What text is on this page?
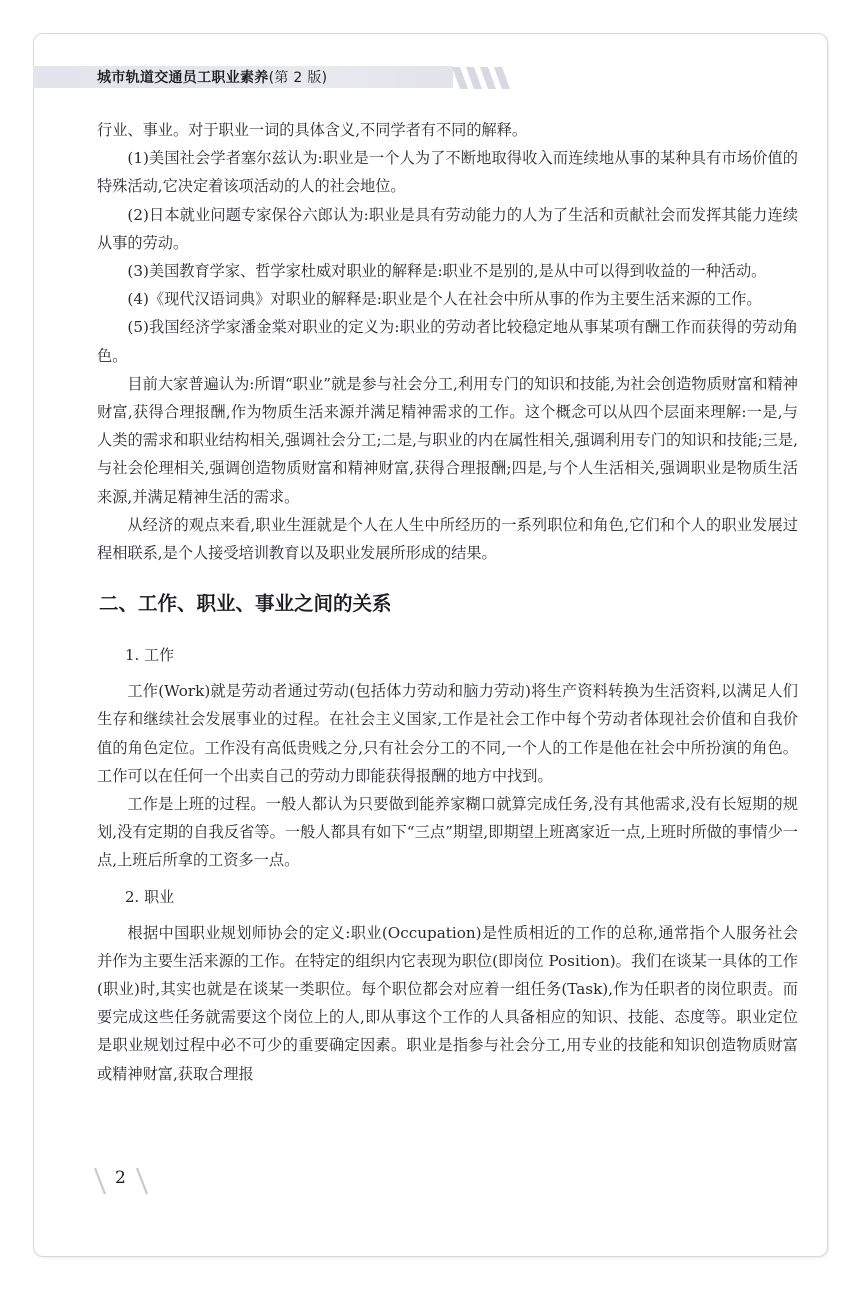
城市轨道交通员工职业素养(第 2 版)

行业、事业。对于职业一词的具体含义,不同学者有不同的解释。

(1)美国社会学者塞尔兹认为:职业是一个人为了不断地取得收入而连续地从事的某种具有市场价值的特殊活动,它决定着该项活动的人的社会地位。

(2)日本就业问题专家保谷六郎认为:职业是具有劳动能力的人为了生活和贡献社会而发挥其能力连续从事的劳动。

(3)美国教育学家、哲学家杜威对职业的解释是:职业不是别的,是从中可以得到收益的一种活动。

(4)《现代汉语词典》对职业的解释是:职业是个人在社会中所从事的作为主要生活来源的工作。

(5)我国经济学家潘金棠对职业的定义为:职业的劳动者比较稳定地从事某项有酬工作而获得的劳动角色。

目前大家普遍认为:所谓“职业”就是参与社会分工,利用专门的知识和技能,为社会创造物质财富和精神财富,获得合理报酬,作为物质生活来源并满足精神需求的工作。这个概念可以从四个层面来理解:一是,与人类的需求和职业结构相关,强调社会分工;二是,与职业的内在属性相关,强调利用专门的知识和技能;三是,与社会伦理相关,强调创造物质财富和精神财富,获得合理报酬;四是,与个人生活相关,强调职业是物质生活来源,并满足精神生活的需求。

从经济的观点来看,职业生涯就是个人在人生中所经历的一系列职位和角色,它们和个人的职业发展过程相联系,是个人接受培训教育以及职业发展所形成的结果。

二、工作、职业、事业之间的关系

1. 工作

工作(Work)就是劳动者通过劳动(包括体力劳动和脑力劳动)将生产资料转换为生活资料,以满足人们生存和继续社会发展事业的过程。在社会主义国家,工作是社会工作中每个劳动者体现社会价值和自我价值的角色定位。工作没有高低贵贱之分,只有社会分工的不同,一个人的工作是他在社会中所扮演的角色。工作可以在任何一个出卖自己的劳动力即能获得报酬的地方中找到。

工作是上班的过程。一般人都认为只要做到能养家糊口就算完成任务,没有其他需求,没有长短期的规划,没有定期的自我反省等。一般人都具有如下“三点”期望,即期望上班离家近一点,上班时所做的事情少一点,上班后所拿的工资多一点。

2. 职业

根据中国职业规划师协会的定义:职业(Occupation)是性质相近的工作的总称,通常指个人服务社会并作为主要生活来源的工作。在特定的组织内它表现为职位(即岗位 Position)。我们在谈某一具体的工作(职业)时,其实也就是在谈某一类职位。每个职位都会对应着一组任务(Task),作为任职者的岗位职责。而要完成这些任务就需要这个岗位上的人,即从事这个工作的人具备相应的知识、技能、态度等。职业定位是职业规划过程中必不可少的重要确定因素。职业是指参与社会分工,用专业的技能和知识创造物质财富或精神财富,获取合理报

2
